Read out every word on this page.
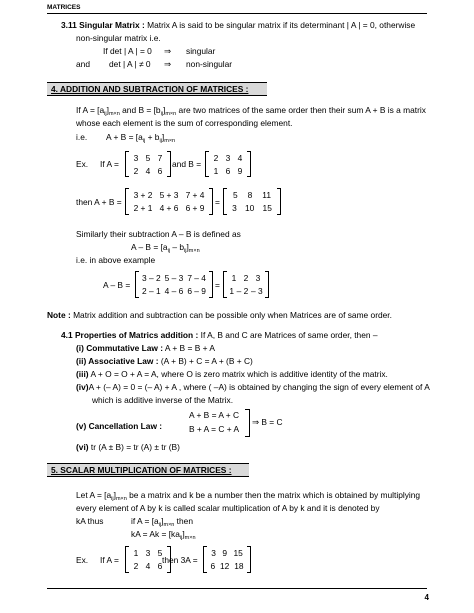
MATRICES
3.11 Singular Matrix : Matrix A is said to be singular matrix if its determinant | A | = 0, otherwise
non-singular matrix i.e.
If det | A | = 0 ⇒ singular
and det | A | ≠ 0 ⇒ non-singular
4. ADDITION AND SUBTRACTION OF MATRICES :
If $A = [a_{ij}]_{m\times n}$ and $B = [b_{ij}]_{m\times n}$ are two matrices of the same order then their sum A + B is a matrix
whose each element is the sum of corresponding element.
i.e. $A + B = [a_{ij} + b_{ij}]_{m\times n}$
Ex. If A =
3 5 7
2 4 6
and B =
2 3 4
1 6 9
then A + B =
3 + 2 5 + 3 7 + 4
2 + 1 4 + 6 6 + 9
=
5 8 11
3 10 15
Similarly their subtraction A – B is defined as
$A - B = [a_{ij} - b_{ij}]_{m\times n}$
i.e. in above example
A – B =
3 – 2 5 – 3 7 – 4
2 – 1 4 – 6 6 – 9
=
1 2 3
1 – 2 – 3
Note : Matrix addition and subtraction can be possible only when Matrices are of same order.
4.1 Properties of Matrics addition : If A, B and C are Matrices of same order, then –
(i) Commutative Law : A + B = B + A
(ii) Associative Law : (A + B) + C = A + (B + C)
(iii) A + O = O + A = A, where O is zero matrix which is additive identity of the matrix.
(iv)A + (– A) = 0 = (– A) + A , where ( –A) is obtained by changing the sign of every element of A
which is additive inverse of the Matrix.
(v) Cancellation Law :
A + B = A + C
B + A = C + A
⇒ B = C
(vi) tr (A ± B) = tr (A) ± tr (B)
5. SCALAR MULTIPLICATION OF MATRICES :
Let $A = [a_{ij}]_{m\times n}$ be a matrix and k be a number then the matrix which is obtained by multiplying
every element of A by k is called scalar multiplication of A by k and it is denoted by
kA thus	if $A = [a_{ij}]_{m\times n}$ then
kA = $Ak = [ka_{ij}]_{m\times n}$
Ex. If A =
1 3 5
2 4 6
then 3A =
3 9 15
6 12 18
4
